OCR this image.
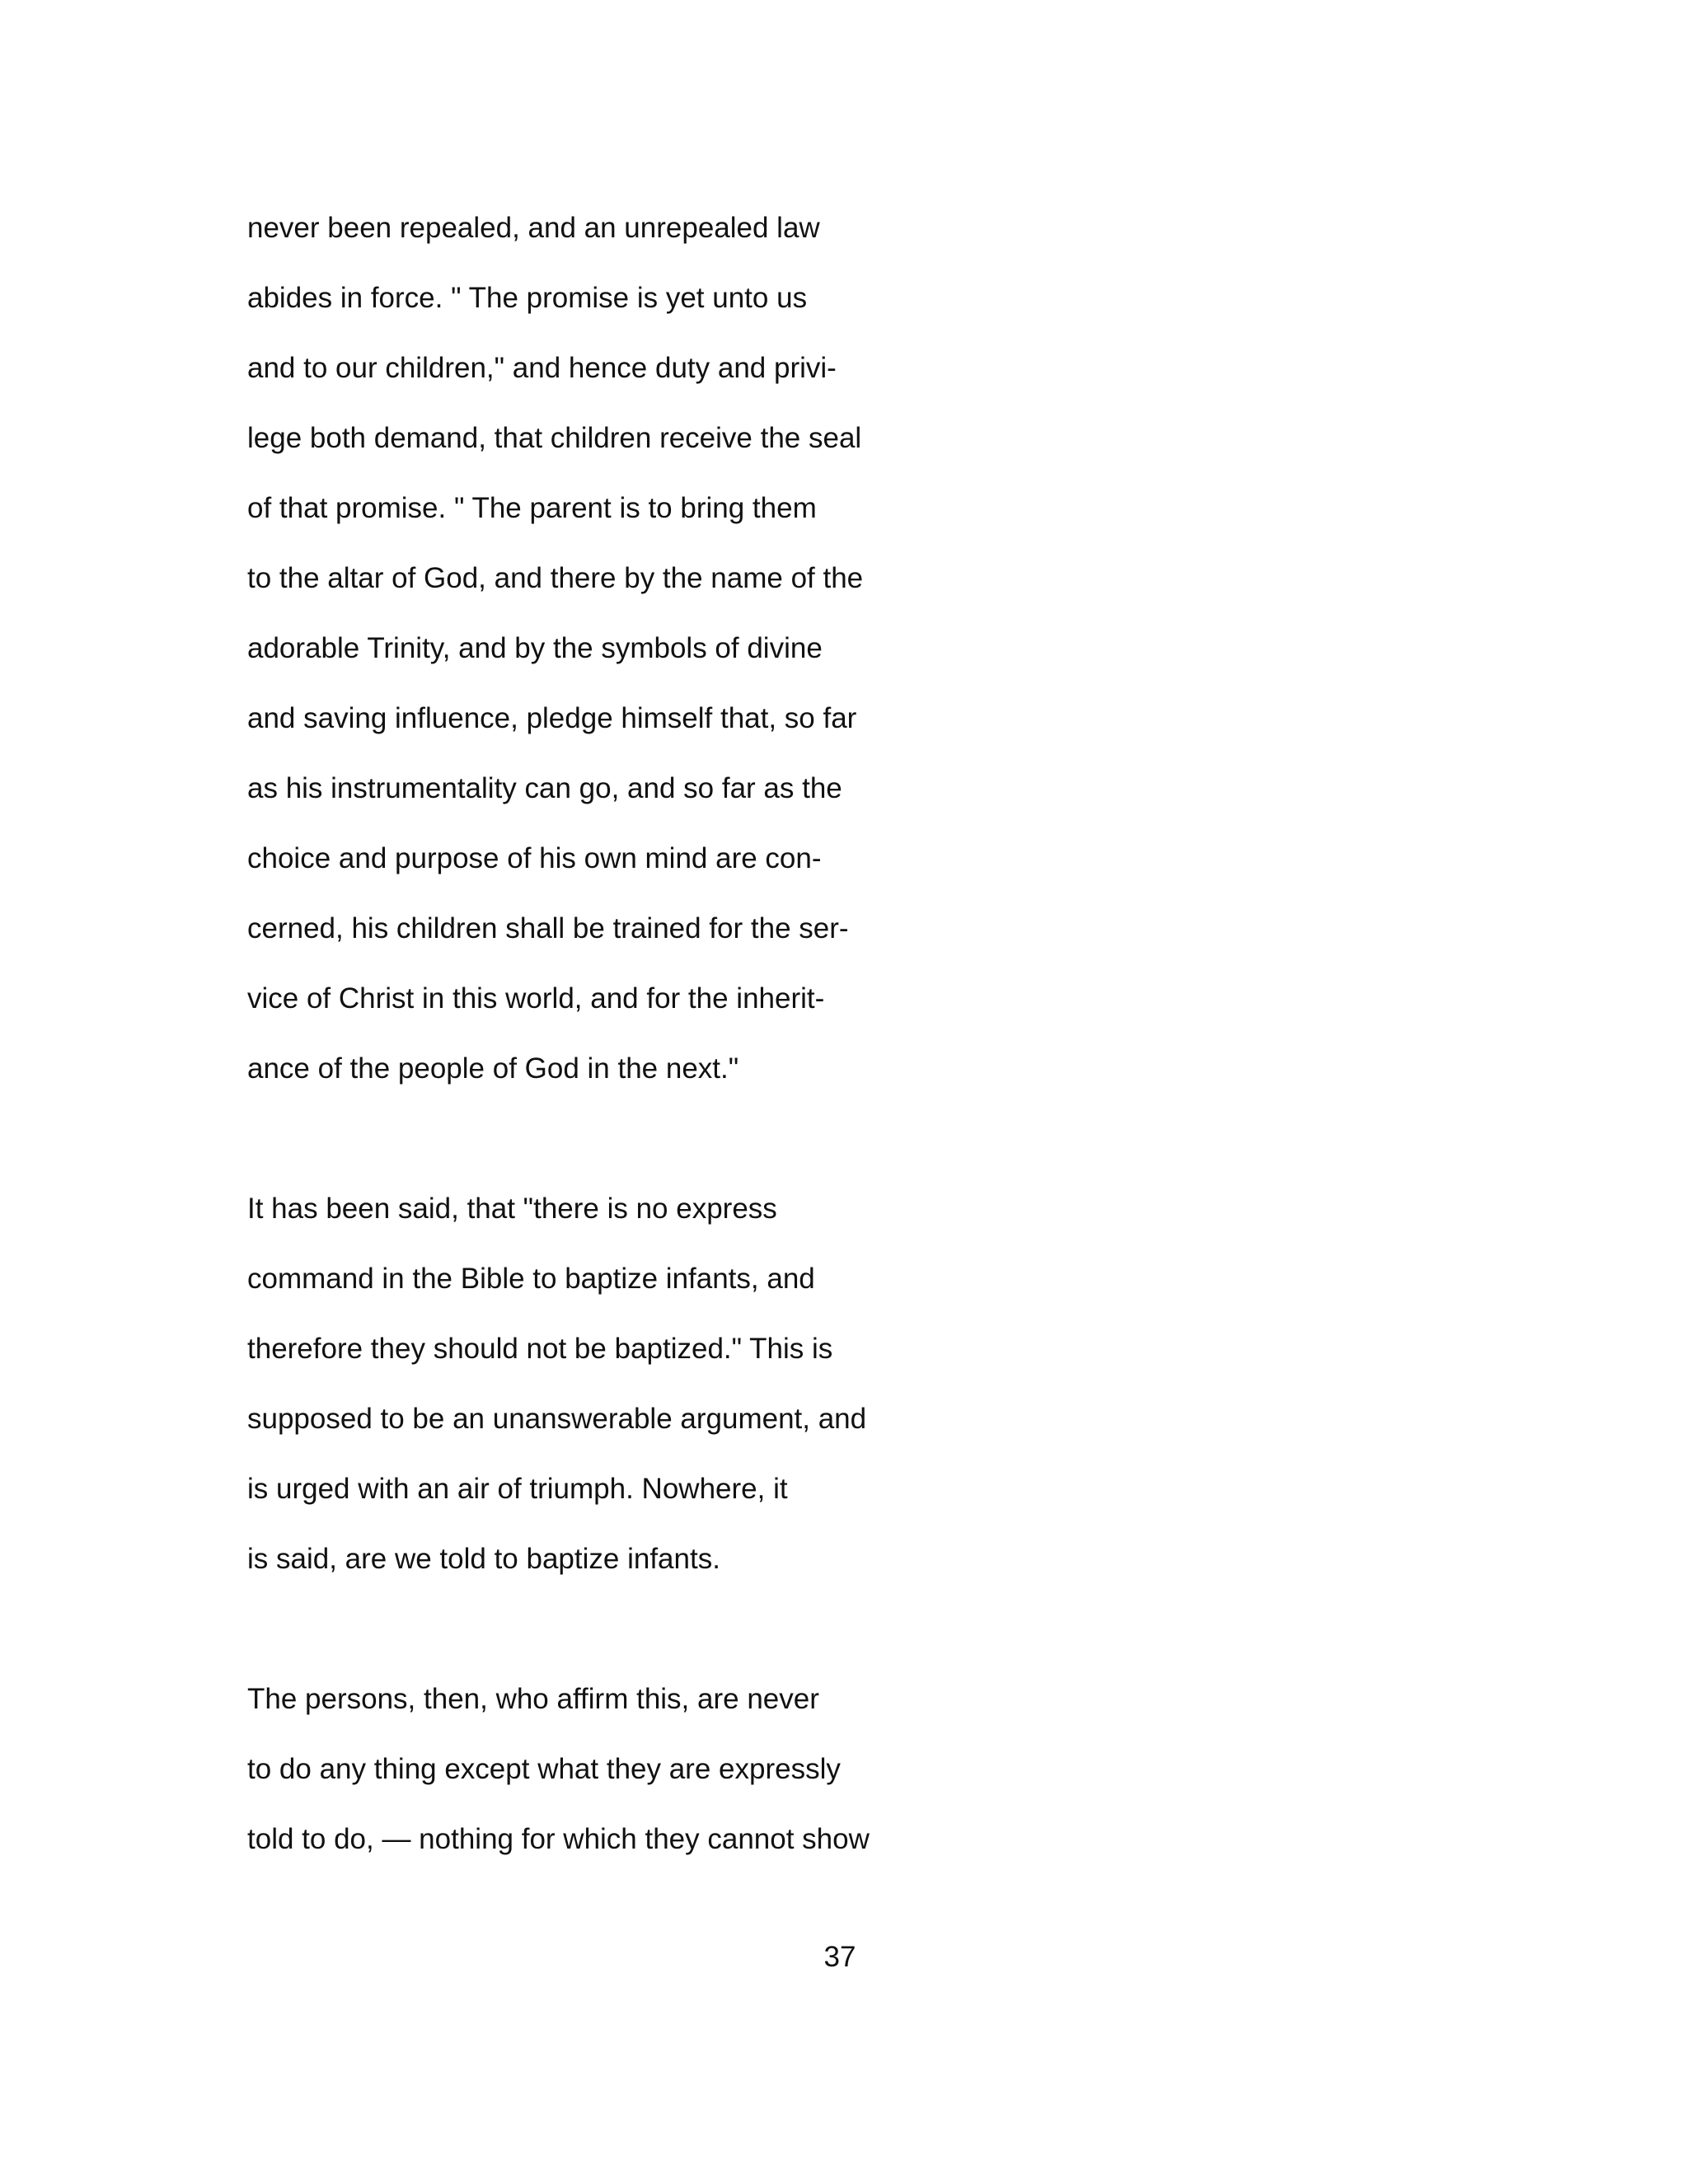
never been repealed, and an unrepealed law
abides in force. " The promise is yet unto us
and to our children," and hence duty and privi-
lege both demand, that children receive the seal
of that promise. " The parent is to bring them
to the altar of God, and there by the name of the
adorable Trinity, and by the symbols of divine
and saving influence, pledge himself that, so far
as his instrumentality can go, and so far as the
choice and purpose of his own mind are con-
cerned, his children shall be trained for the ser-
vice of Christ in this world, and for the inherit-
ance of the people of God in the next."

It has been said, that "there is no express
command in the Bible to baptize infants, and
therefore they should not be baptized." This is
supposed to be an unanswerable argument, and
is urged with an air of triumph. Nowhere, it
is said, are we told to baptize infants.

The persons, then, who affirm this, are never
to do any thing except what they are expressly
told to do, — nothing for which they cannot show

37
